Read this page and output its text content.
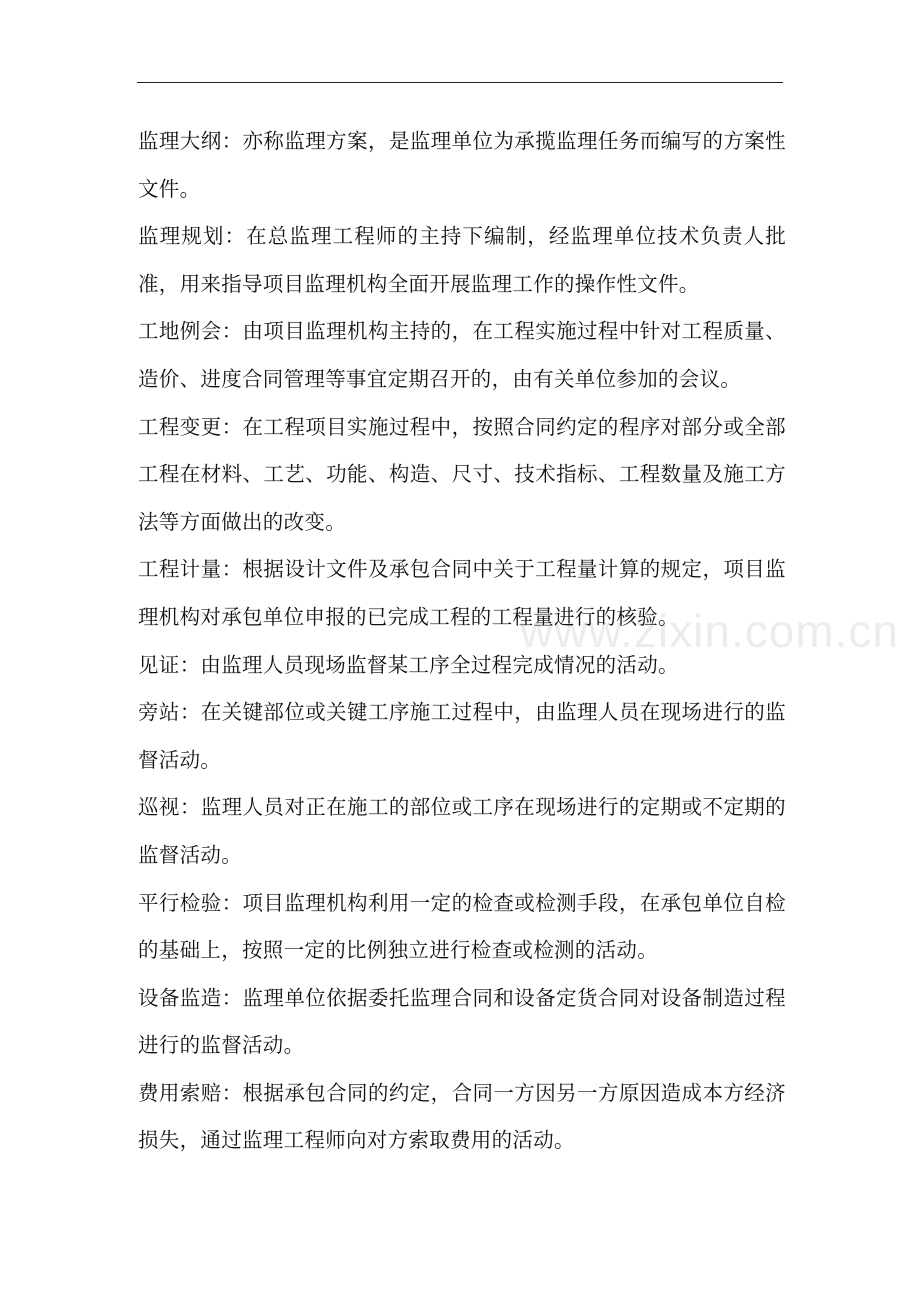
监理大纲：亦称监理方案，是监理单位为承揽监理任务而编写的方案性文件。

监理规划：在总监理工程师的主持下编制，经监理单位技术负责人批准，用来指导项目监理机构全面开展监理工作的操作性文件。

工地例会：由项目监理机构主持的，在工程实施过程中针对工程质量、造价、进度合同管理等事宜定期召开的，由有关单位参加的会议。

工程变更：在工程项目实施过程中，按照合同约定的程序对部分或全部工程在材料、工艺、功能、构造、尺寸、技术指标、工程数量及施工方法等方面做出的改变。

工程计量：根据设计文件及承包合同中关于工程量计算的规定，项目监理机构对承包单位申报的已完成工程的工程量进行的核验。

见证：由监理人员现场监督某工序全过程完成情况的活动。

旁站：在关键部位或关键工序施工过程中，由监理人员在现场进行的监督活动。

巡视：监理人员对正在施工的部位或工序在现场进行的定期或不定期的监督活动。

平行检验：项目监理机构利用一定的检查或检测手段，在承包单位自检的基础上，按照一定的比例独立进行检查或检测的活动。

设备监造：监理单位依据委托监理合同和设备定货合同对设备制造过程进行的监督活动。

费用索赔：根据承包合同的约定，合同一方因另一方原因造成本方经济损失，通过监理工程师向对方索取费用的活动。

www.zixin.com.cn
